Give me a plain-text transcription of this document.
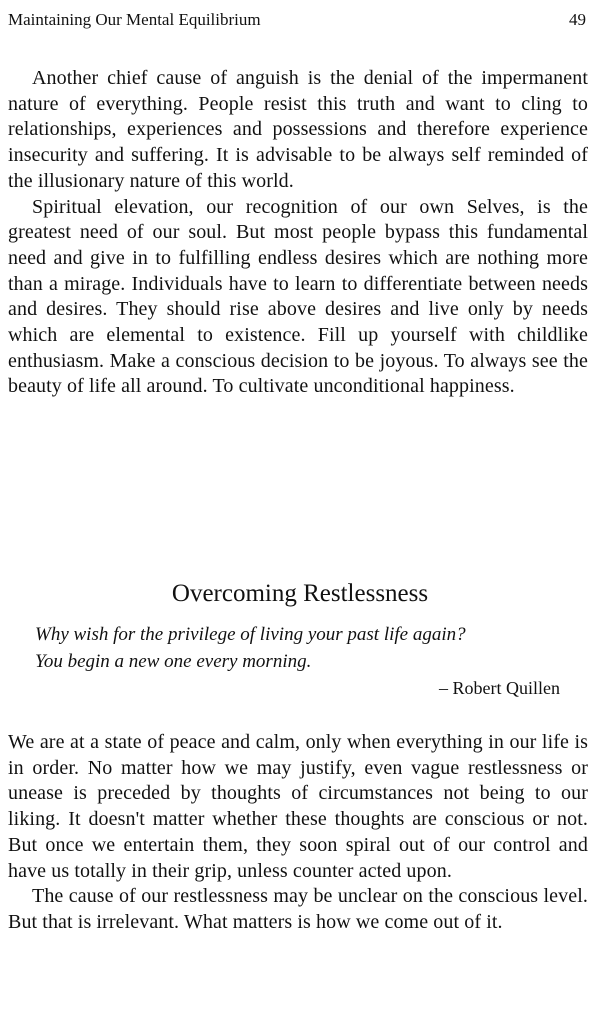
Maintaining Our Mental Equilibrium	49

Another chief cause of anguish is the denial of the impermanent nature of everything. People resist this truth and want to cling to relationships, experiences and possessions and therefore experience insecurity and suffering. It is advisable to be always self reminded of the illusionary nature of this world.

Spiritual elevation, our recognition of our own Selves, is the greatest need of our soul. But most people bypass this fundamental need and give in to fulfilling endless desires which are nothing more than a mirage. Individuals have to learn to differentiate between needs and desires. They should rise above desires and live only by needs which are elemental to existence. Fill up yourself with childlike enthusiasm. Make a conscious decision to be joyous. To always see the beauty of life all around. To cultivate unconditional happiness.

Overcoming Restlessness
Why wish for the privilege of living your past life again?
You begin a new one every morning.
– Robert Quillen

We are at a state of peace and calm, only when everything in our life is in order. No matter how we may justify, even vague restlessness or unease is preceded by thoughts of circumstances not being to our liking. It doesn't matter whether these thoughts are conscious or not. But once we entertain them, they soon spiral out of our control and have us totally in their grip, unless counter acted upon.

The cause of our restlessness may be unclear on the conscious level. But that is irrelevant. What matters is how we come out of it.
